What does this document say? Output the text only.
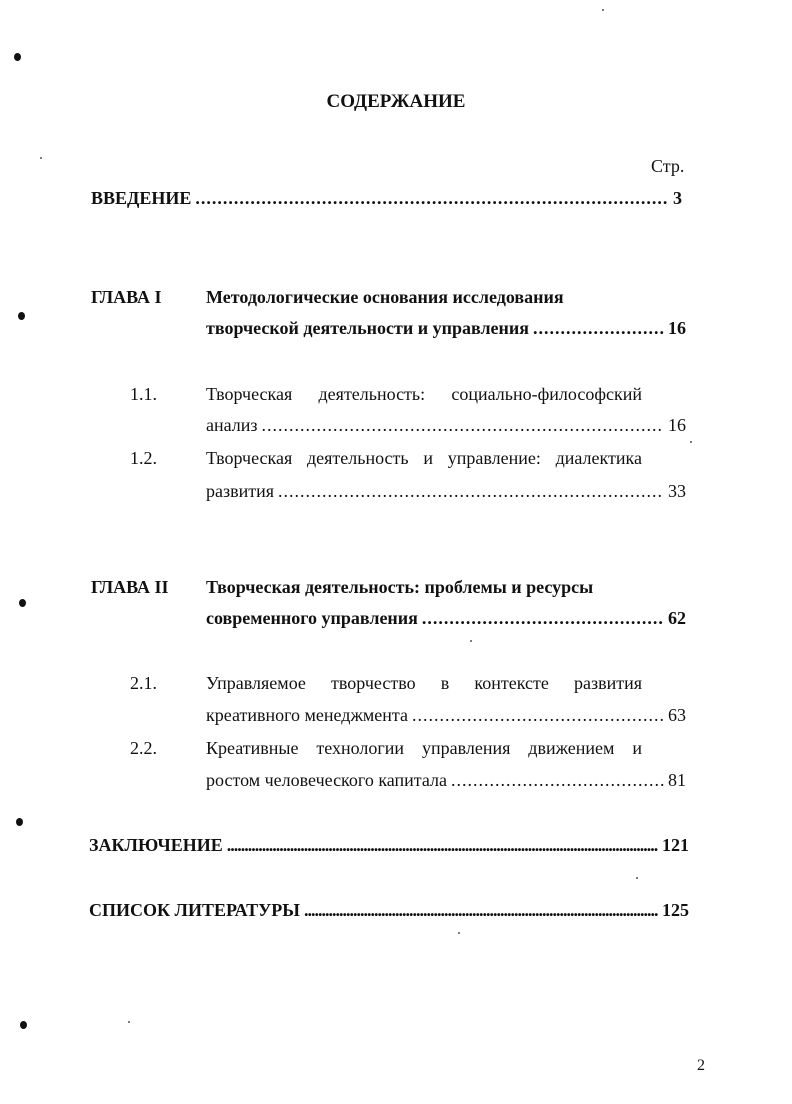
СОДЕРЖАНИЕ
Стр.
ВВЕДЕНИЕ .....	3
ГЛАВА I Методологические основания исследования
творческой деятельности и управления .....	16
1.1.	Творческая деятельность: социально-философский
анализ .....	16
1.2.	Творческая деятельность и управление: диалектика
развития .....	33
ГЛАВА II Творческая деятельность: проблемы и ресурсы
современного управления .....	62
2.1.	Управляемое творчество в контексте развития
креативного менеджмента .....	63
2.2.	Креативные технологии управления движением и
ростом человеческого капитала .....	81
ЗАКЛЮЧЕНИЕ .....	121
СПИСОК ЛИТЕРАТУРЫ .....	125
2
